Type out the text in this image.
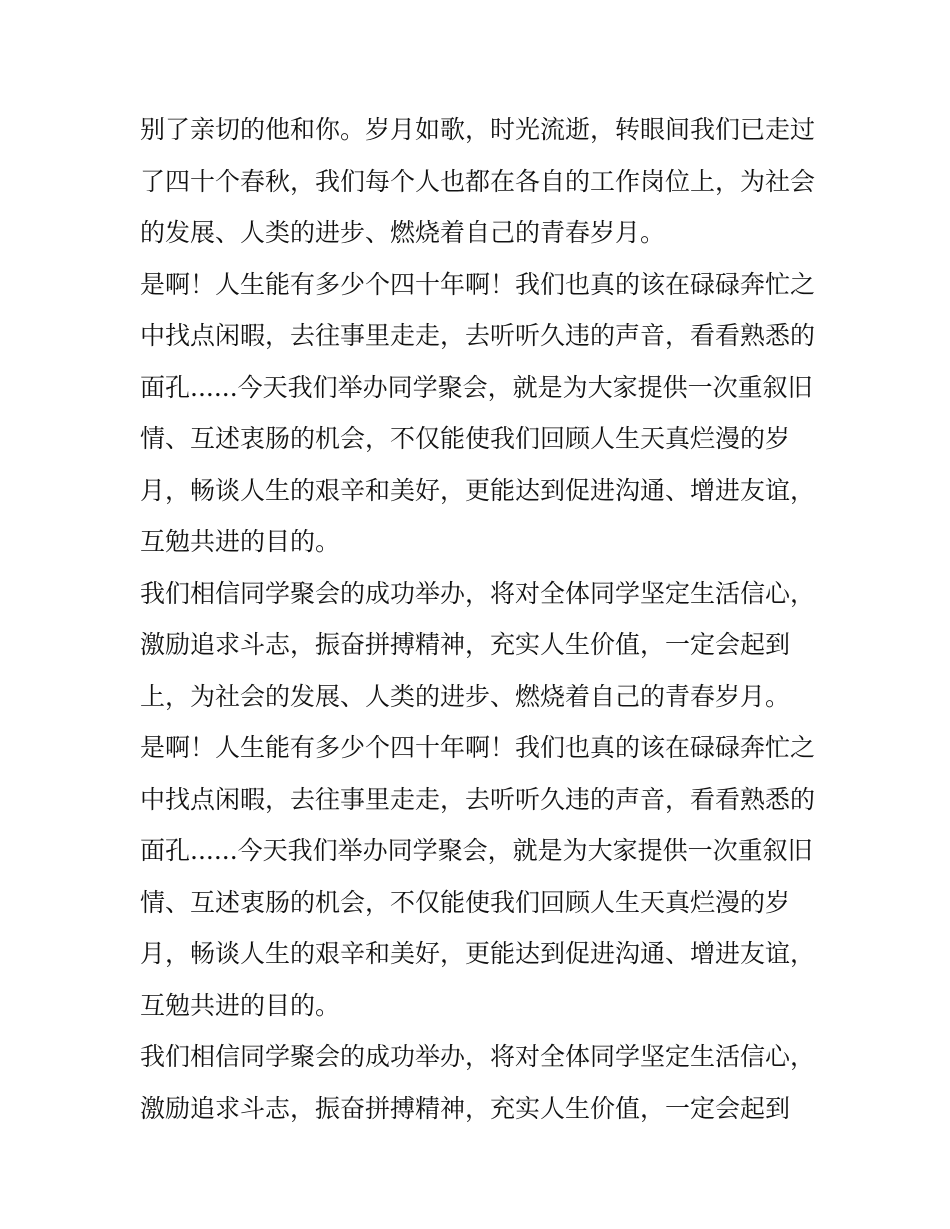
别了亲切的他和你。岁月如歌，时光流逝，转眼间我们已走过
了四十个春秋，我们每个人也都在各自的工作岗位上，为社会
的发展、人类的进步、燃烧着自己的青春岁月。
是啊！人生能有多少个四十年啊！我们也真的该在碌碌奔忙之
中找点闲暇，去往事里走走，去听听久违的声音，看看熟悉的
面孔......今天我们举办同学聚会，就是为大家提供一次重叙旧
情、互述衷肠的机会，不仅能使我们回顾人生天真烂漫的岁
月，畅谈人生的艰辛和美好，更能达到促进沟通、增进友谊，
互勉共进的目的。
我们相信同学聚会的成功举办，将对全体同学坚定生活信心，
激励追求斗志，振奋拼搏精神，充实人生价值，一定会起到
上，为社会的发展、人类的进步、燃烧着自己的青春岁月。
是啊！人生能有多少个四十年啊！我们也真的该在碌碌奔忙之
中找点闲暇，去往事里走走，去听听久违的声音，看看熟悉的
面孔......今天我们举办同学聚会，就是为大家提供一次重叙旧
情、互述衷肠的机会，不仅能使我们回顾人生天真烂漫的岁
月，畅谈人生的艰辛和美好，更能达到促进沟通、增进友谊，
互勉共进的目的。
我们相信同学聚会的成功举办，将对全体同学坚定生活信心，
激励追求斗志，振奋拼搏精神，充实人生价值，一定会起到
